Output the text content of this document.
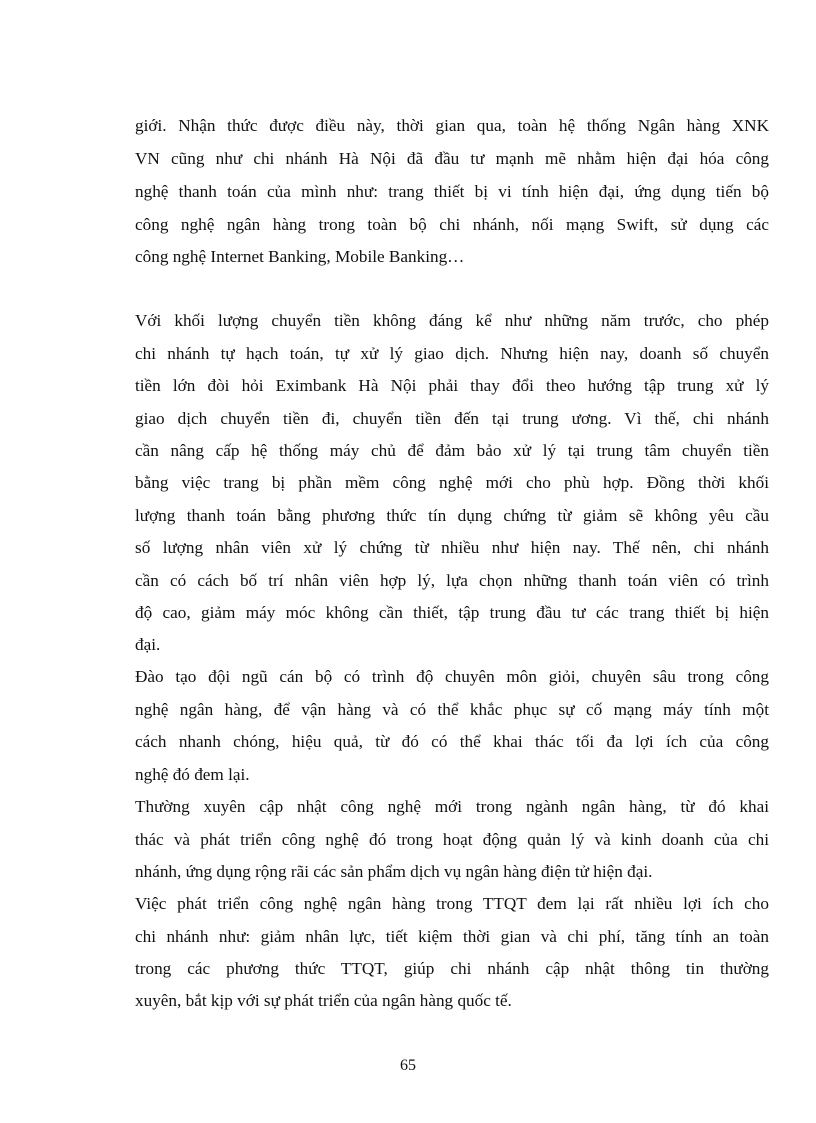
giới. Nhận thức được điều này, thời gian qua, toàn hệ thống Ngân hàng XNK
VN cũng như chi nhánh Hà Nội đã đầu tư mạnh mẽ nhằm hiện đại hóa công
nghệ thanh toán của mình như: trang thiết bị vi tính hiện đại, ứng dụng tiến bộ
công nghệ ngân hàng trong toàn bộ chi nhánh, nối mạng Swift, sử dụng các
công nghệ Internet Banking, Mobile Banking…
Với khối lượng chuyển tiền không đáng kể như những năm trước, cho phép
chi nhánh tự hạch toán, tự xử lý giao dịch. Nhưng hiện nay, doanh số chuyển
tiền lớn đòi hỏi Eximbank Hà Nội phải thay đổi theo hướng tập trung xử lý
giao dịch chuyển tiền đi, chuyển tiền đến tại trung ương. Vì thế, chi nhánh
cần nâng cấp hệ thống máy chủ để đảm bảo xử lý tại trung tâm chuyển tiền
bằng việc trang bị phần mềm công nghệ mới cho phù hợp. Đồng thời khối
lượng thanh toán bằng phương thức tín dụng chứng từ giảm sẽ không yêu cầu
số lượng nhân viên xử lý chứng từ nhiều như hiện nay. Thế nên, chi nhánh
cần có cách bố trí nhân viên hợp lý, lựa chọn những thanh toán viên có trình
độ cao, giảm máy móc không cần thiết, tập trung đầu tư các trang thiết bị hiện
đại.
Đào tạo đội ngũ cán bộ có trình độ chuyên môn giỏi, chuyên sâu trong công
nghệ ngân hàng, để vận hàng và có thể khắc phục sự cố mạng máy tính một
cách nhanh chóng, hiệu quả, từ đó có thể khai thác tối đa lợi ích của công
nghệ đó đem lại.
Thường xuyên cập nhật công nghệ mới trong ngành ngân hàng, từ đó khai
thác và phát triển công nghệ đó trong hoạt động quản lý và kinh doanh của chi
nhánh, ứng dụng rộng rãi các sản phẩm dịch vụ ngân hàng điện tử hiện đại.
Việc phát triển công nghệ ngân hàng trong TTQT đem lại rất nhiều lợi ích cho
chi nhánh như: giảm nhân lực, tiết kiệm thời gian và chi phí, tăng tính an toàn
trong các phương thức TTQT, giúp chi nhánh cập nhật thông tin thường
xuyên, bắt kịp với sự phát triển của ngân hàng quốc tế.
65
